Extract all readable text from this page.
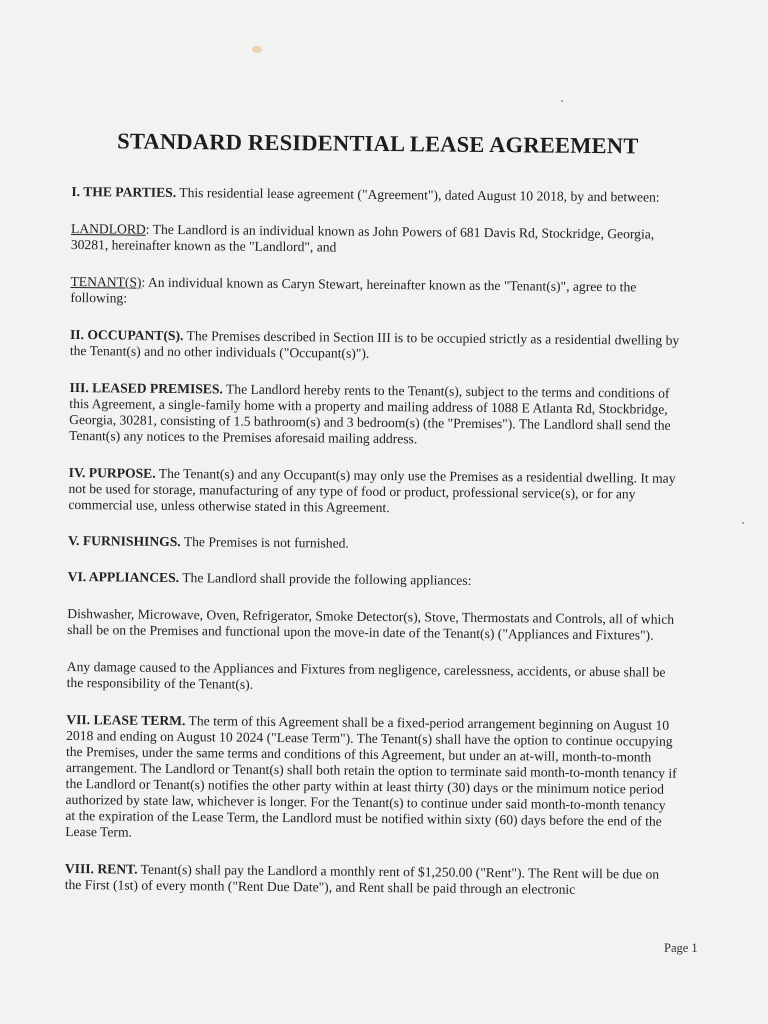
STANDARD RESIDENTIAL LEASE AGREEMENT

I. THE PARTIES. This residential lease agreement ("Agreement"), dated August 10 2018, by and between:

LANDLORD: The Landlord is an individual known as John Powers of 681 Davis Rd, Stockridge, Georgia, 30281, hereinafter known as the "Landlord", and

TENANT(S): An individual known as Caryn Stewart, hereinafter known as the "Tenant(s)", agree to the following:

II. OCCUPANT(S). The Premises described in Section III is to be occupied strictly as a residential dwelling by the Tenant(s) and no other individuals ("Occupant(s)").

III. LEASED PREMISES. The Landlord hereby rents to the Tenant(s), subject to the terms and conditions of this Agreement, a single-family home with a property and mailing address of 1088 E Atlanta Rd, Stockbridge, Georgia, 30281, consisting of 1.5 bathroom(s) and 3 bedroom(s) (the "Premises"). The Landlord shall send the Tenant(s) any notices to the Premises aforesaid mailing address.

IV. PURPOSE. The Tenant(s) and any Occupant(s) may only use the Premises as a residential dwelling. It may not be used for storage, manufacturing of any type of food or product, professional service(s), or for any commercial use, unless otherwise stated in this Agreement.

V. FURNISHINGS. The Premises is not furnished.

VI. APPLIANCES. The Landlord shall provide the following appliances:

Dishwasher, Microwave, Oven, Refrigerator, Smoke Detector(s), Stove, Thermostats and Controls, all of which shall be on the Premises and functional upon the move-in date of the Tenant(s) ("Appliances and Fixtures").

Any damage caused to the Appliances and Fixtures from negligence, carelessness, accidents, or abuse shall be the responsibility of the Tenant(s).

VII. LEASE TERM. The term of this Agreement shall be a fixed-period arrangement beginning on August 10 2018 and ending on August 10 2024 ("Lease Term"). The Tenant(s) shall have the option to continue occupying the Premises, under the same terms and conditions of this Agreement, but under an at-will, month-to-month arrangement. The Landlord or Tenant(s) shall both retain the option to terminate said month-to-month tenancy if the Landlord or Tenant(s) notifies the other party within at least thirty (30) days or the minimum notice period authorized by state law, whichever is longer. For the Tenant(s) to continue under said month-to-month tenancy at the expiration of the Lease Term, the Landlord must be notified within sixty (60) days before the end of the Lease Term.

VIII. RENT. Tenant(s) shall pay the Landlord a monthly rent of $1,250.00 ("Rent"). The Rent will be due on the First (1st) of every month ("Rent Due Date"), and Rent shall be paid through an electronic

Page 1
